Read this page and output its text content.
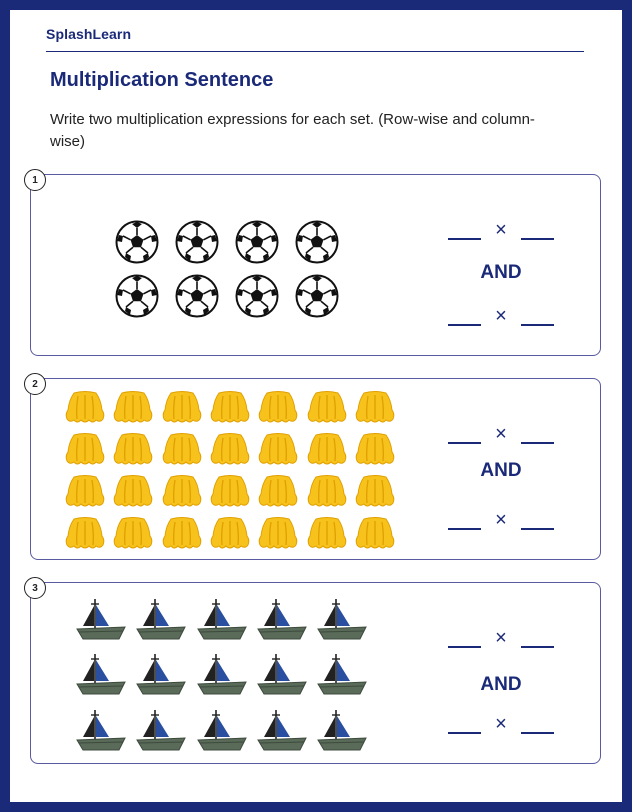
SplashLearn
Multiplication Sentence
Write two multiplication expressions for each set. (Row-wise and column-wise)
×
AND
×
1
×
AND
×
2
×
AND
×
3
